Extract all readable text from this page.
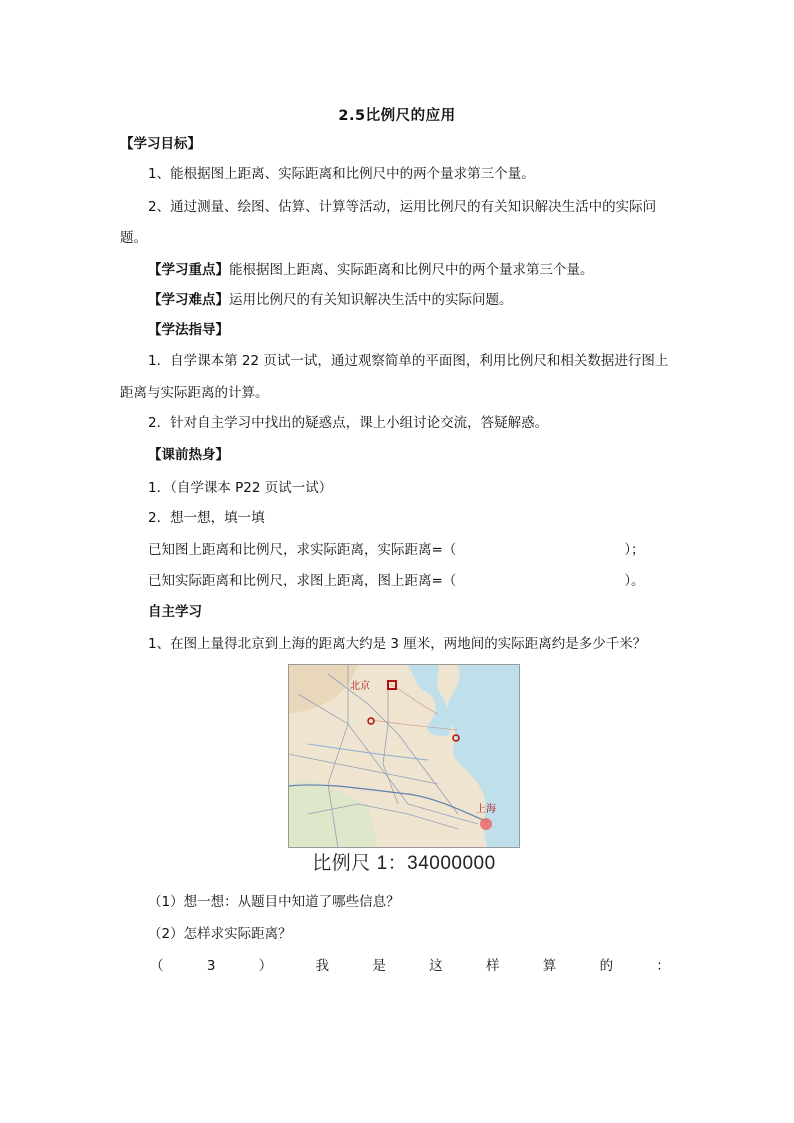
2.5比例尺的应用
【学习目标】
1、能根据图上距离、实际距离和比例尺中的两个量求第三个量。
2、通过测量、绘图、估算、计算等活动，运用比例尺的有关知识解决生活中的实际问
题。
【学习重点】能根据图上距离、实际距离和比例尺中的两个量求第三个量。
【学习难点】运用比例尺的有关知识解决生活中的实际问题。
【学法指导】
1．自学课本第 22 页试一试，通过观察简单的平面图，利用比例尺和相关数据进行图上
距离与实际距离的计算。
2．针对自主学习中找出的疑惑点，课上小组讨论交流，答疑解惑。
【课前热身】
1．（自学课本 P22 页试一试）
2．想一想，填一填
已知图上距离和比例尺，求实际距离，实际距离=（	）；
已知实际距离和比例尺，求图上距离，图上距离=（	）。
自主学习
1、在图上量得北京到上海的距离大约是 3 厘米，两地间的实际距离约是多少千米？
北京
上海
比例尺 1：34000000
（1）想一想：从题目中知道了哪些信息？
（2）怎样求实际距离？
（	3	）	我	是	这	样	算	的	：
